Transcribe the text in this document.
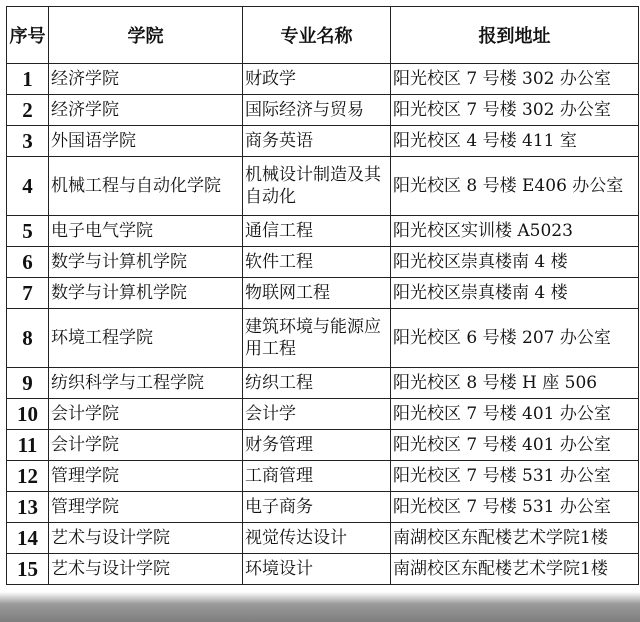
序号	学院	专业名称	报到地址
1	经济学院	财政学	阳光校区 7 号楼 302 办公室
2	经济学院	国际经济与贸易	阳光校区 7 号楼 302 办公室
3	外国语学院	商务英语	阳光校区 4 号楼 411 室
4	机械工程与自动化学院	机械设计制造及其自动化	阳光校区 8 号楼 E406 办公室
5	电子电气学院	通信工程	阳光校区实训楼 A5023
6	数学与计算机学院	软件工程	阳光校区崇真楼南 4 楼
7	数学与计算机学院	物联网工程	阳光校区崇真楼南 4 楼
8	环境工程学院	建筑环境与能源应用工程	阳光校区 6 号楼 207 办公室
9	纺织科学与工程学院	纺织工程	阳光校区 8 号楼 H 座 506
10	会计学院	会计学	阳光校区 7 号楼 401 办公室
11	会计学院	财务管理	阳光校区 7 号楼 401 办公室
12	管理学院	工商管理	阳光校区 7 号楼 531 办公室
13	管理学院	电子商务	阳光校区 7 号楼 531 办公室
14	艺术与设计学院	视觉传达设计	南湖校区东配楼艺术学院1楼
15	艺术与设计学院	环境设计	南湖校区东配楼艺术学院1楼
